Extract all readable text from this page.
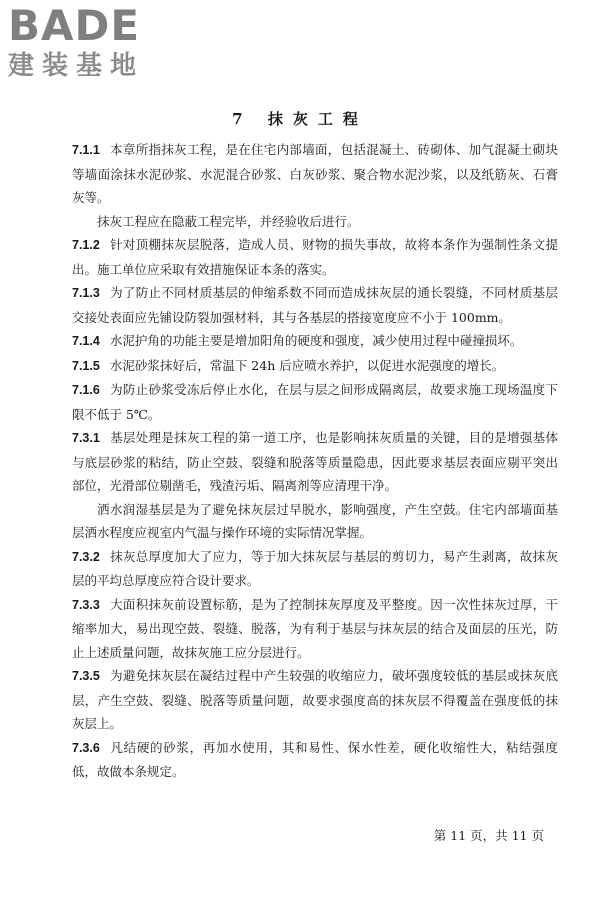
BADE
建装基地
7 抹灰工程

7.1.1 本章所指抹灰工程，是在住宅内部墙面，包括混凝土、砖砌体、加气混凝土砌块等墙面涂抹水泥砂浆、水泥混合砂浆、白灰砂浆、聚合物水泥沙浆，以及纸筋灰、石膏灰等。

抹灰工程应在隐蔽工程完毕，并经验收后进行。

7.1.2 针对顶棚抹灰层脱落，造成人员、财物的损失事故，故将本条作为强制性条文提出。施工单位应采取有效措施保证本条的落实。

7.1.3 为了防止不同材质基层的伸缩系数不同而造成抹灰层的通长裂缝，不同材质基层交接处表面应先铺设防裂加强材料，其与各基层的搭接宽度应不小于 100mm。

7.1.4 水泥护角的功能主要是增加阳角的硬度和强度，减少使用过程中碰撞损坏。

7.1.5 水泥砂浆抹好后，常温下 24h 后应喷水养护，以促进水泥强度的增长。

7.1.6 为防止砂浆受冻后停止水化，在层与层之间形成隔离层，故要求施工现场温度下限不低于 5℃。

7.3.1 基层处理是抹灰工程的第一道工序，也是影响抹灰质量的关键，目的是增强基体与底层砂浆的粘结，防止空鼓、裂缝和脱落等质量隐患，因此要求基层表面应剔平突出部位，光滑部位剔凿毛，残渣污垢、隔离剂等应清理干净。

洒水润湿基层是为了避免抹灰层过早脱水，影响强度，产生空鼓。住宅内部墙面基层洒水程度应视室内气温与操作环境的实际情况掌握。

7.3.2 抹灰总厚度加大了应力，等于加大抹灰层与基层的剪切力，易产生剥离，故抹灰层的平均总厚度应符合设计要求。

7.3.3 大面积抹灰前设置标筋，是为了控制抹灰厚度及平整度。因一次性抹灰过厚，干缩率加大，易出现空鼓、裂缝、脱落，为有利于基层与抹灰层的结合及面层的压光，防止上述质量问题，故抹灰施工应分层进行。

7.3.5 为避免抹灰层在凝结过程中产生较强的收缩应力，破坏强度较低的基层或抹灰底层，产生空鼓、裂缝、脱落等质量问题，故要求强度高的抹灰层不得覆盖在强度低的抹灰层上。

7.3.6 凡结硬的砂浆，再加水使用，其和易性、保水性差，硬化收缩性大，粘结强度低，故做本条规定。

第 11 页，共 11 页
